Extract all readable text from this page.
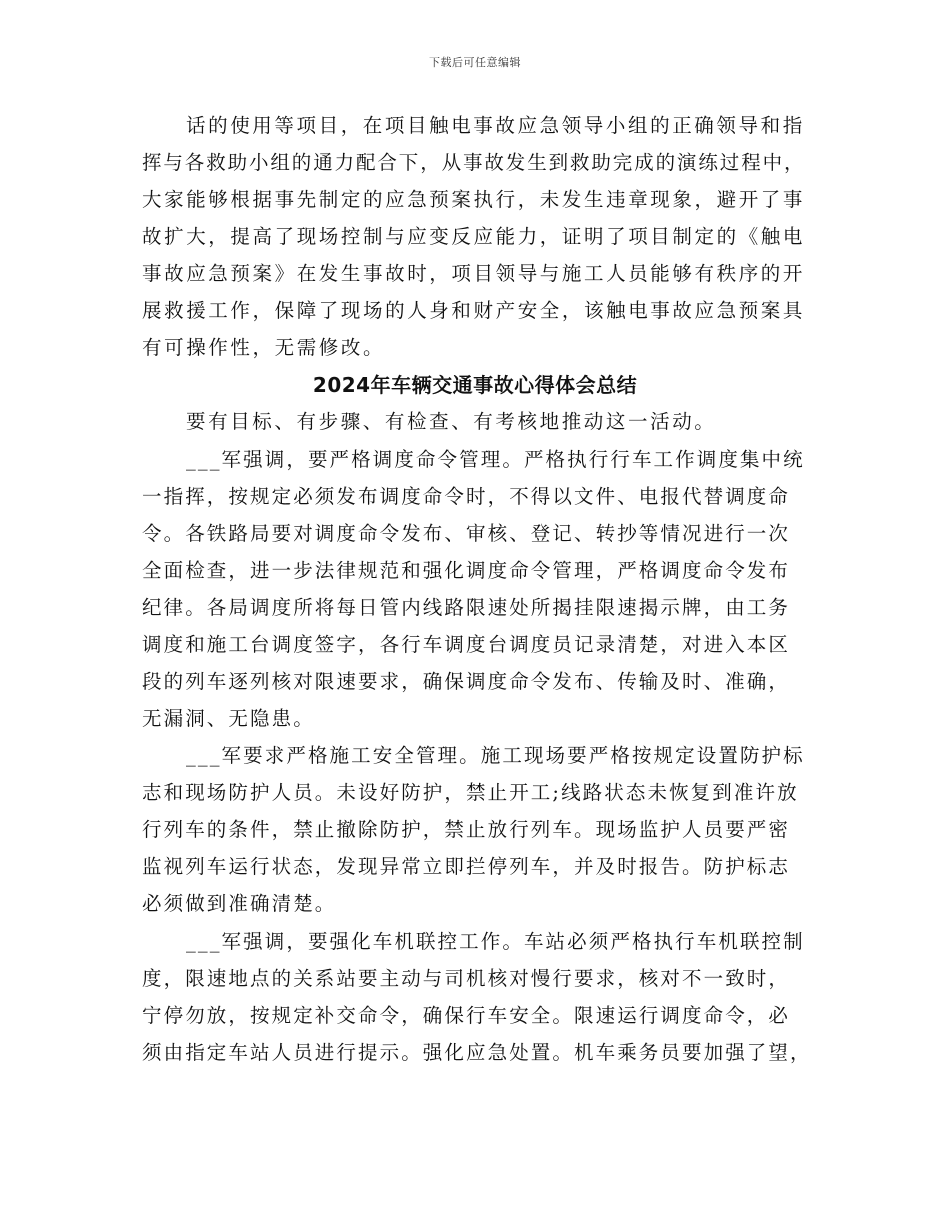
下载后可任意编辑
话的使用等项目，在项目触电事故应急领导小组的正确领导和指
挥与各救助小组的通力配合下，从事故发生到救助完成的演练过程中，
大家能够根据事先制定的应急预案执行，未发生违章现象，避开了事
故扩大，提高了现场控制与应变反应能力，证明了项目制定的《触电
事故应急预案》在发生事故时，项目领导与施工人员能够有秩序的开
展救援工作，保障了现场的人身和财产安全，该触电事故应急预案具
有可操作性，无需修改。
2024年车辆交通事故心得体会总结
要有目标、有步骤、有检查、有考核地推动这一活动。
___军强调，要严格调度命令管理。严格执行行车工作调度集中统
一指挥，按规定必须发布调度命令时，不得以文件、电报代替调度命
令。各铁路局要对调度命令发布、审核、登记、转抄等情况进行一次
全面检查，进一步法律规范和强化调度命令管理，严格调度命令发布
纪律。各局调度所将每日管内线路限速处所揭挂限速揭示牌，由工务
调度和施工台调度签字，各行车调度台调度员记录清楚，对进入本区
段的列车逐列核对限速要求，确保调度命令发布、传输及时、准确，
无漏洞、无隐患。
___军要求严格施工安全管理。施工现场要严格按规定设置防护标
志和现场防护人员。未设好防护，禁止开工;线路状态未恢复到准许放
行列车的条件，禁止撤除防护，禁止放行列车。现场监护人员要严密
监视列车运行状态，发现异常立即拦停列车，并及时报告。防护标志
必须做到准确清楚。
___军强调，要强化车机联控工作。车站必须严格执行车机联控制
度，限速地点的关系站要主动与司机核对慢行要求，核对不一致时，
宁停勿放，按规定补交命令，确保行车安全。限速运行调度命令，必
须由指定车站人员进行提示。强化应急处置。机车乘务员要加强了望，
